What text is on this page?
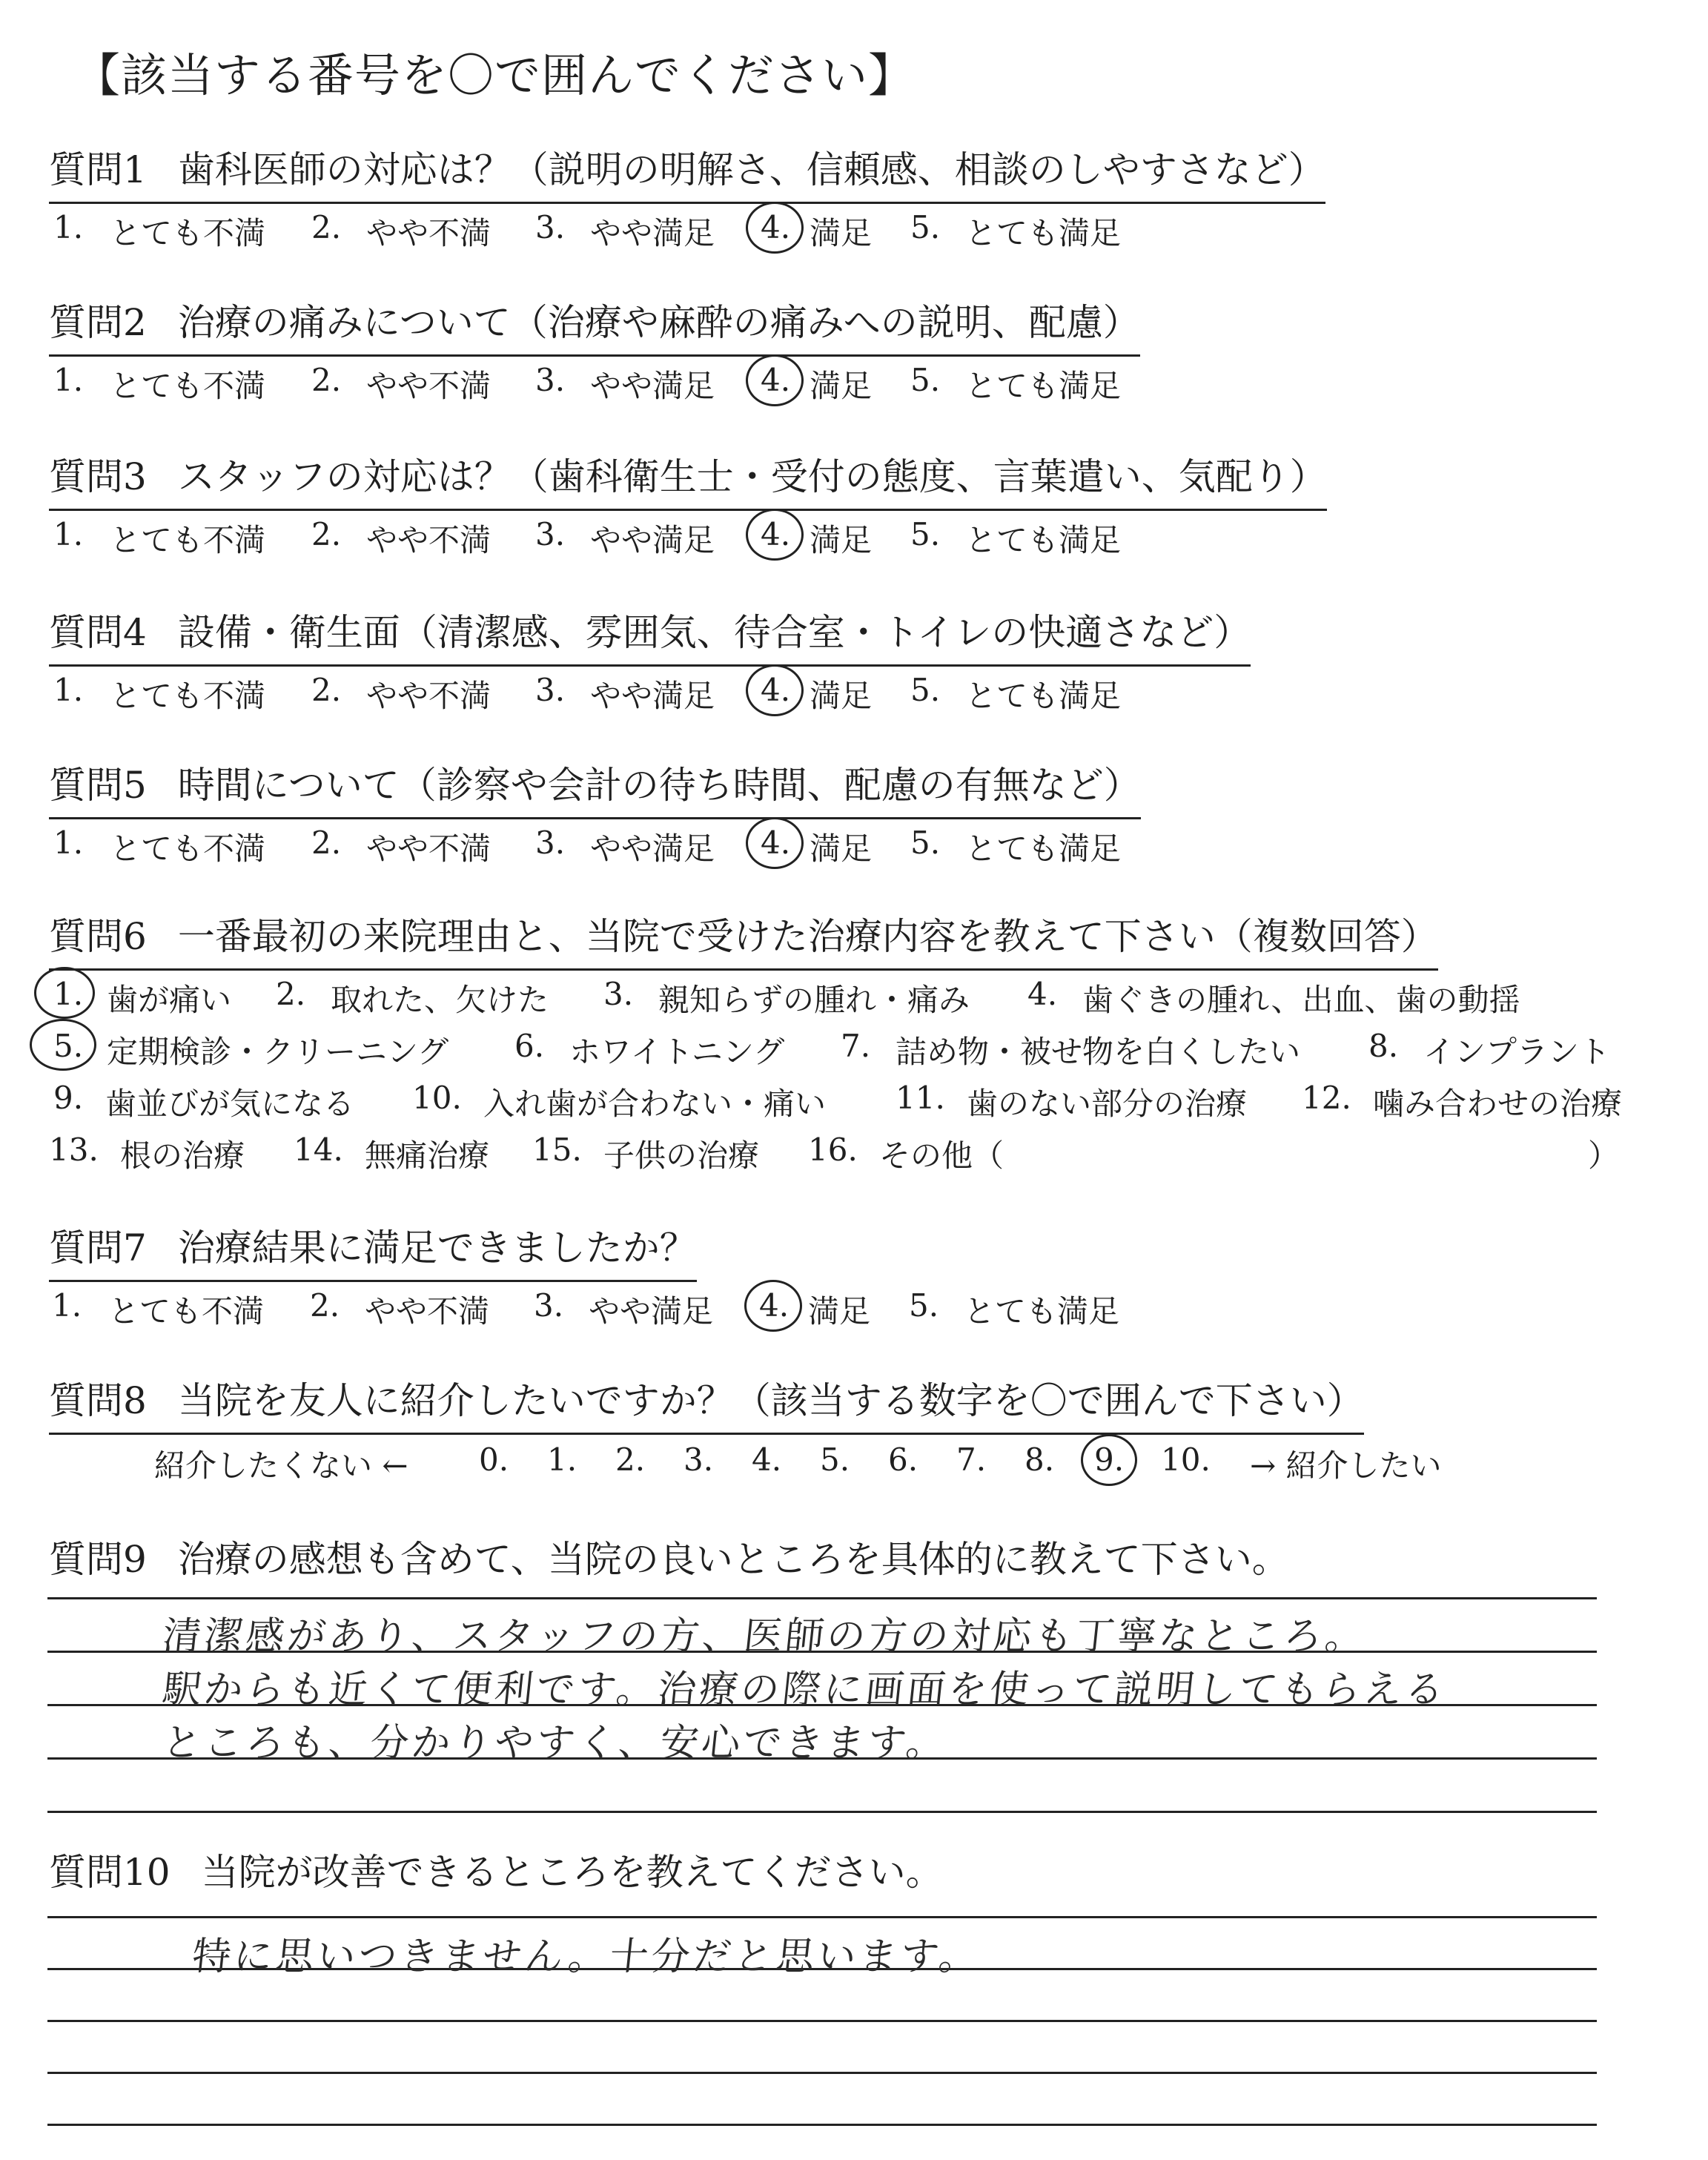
【該当する番号を〇で囲んでください】
質問1 歯科医師の対応は？（説明の明解さ、信頼感、相談のしやすさなど）
1. とても不満 2. やや不満 3. やや満足 4. 満足 5. とても満足
質問2 治療の痛みについて（治療や麻酔の痛みへの説明、配慮）
1. とても不満 2. やや不満 3. やや満足 4. 満足 5. とても満足
質問3 スタッフの対応は？（歯科衛生士・受付の態度、言葉遣い、気配り）
1. とても不満 2. やや不満 3. やや満足 4. 満足 5. とても満足
質問4 設備・衛生面（清潔感、雰囲気、待合室・トイレの快適さなど）
1. とても不満 2. やや不満 3. やや満足 4. 満足 5. とても満足
質問5 時間について（診察や会計の待ち時間、配慮の有無など）
1. とても不満 2. やや不満 3. やや満足 4. 満足 5. とても満足
質問6 一番最初の来院理由と、当院で受けた治療内容を教えて下さい（複数回答）
1. 歯が痛い 2. 取れた、欠けた 3. 親知らずの腫れ・痛み 4. 歯ぐきの腫れ、出血、歯の動揺
5. 定期検診・クリーニング 6. ホワイトニング 7. 詰め物・被せ物を白くしたい 8. インプラント
9. 歯並びが気になる 10. 入れ歯が合わない・痛い 11. 歯のない部分の治療 12. 噛み合わせの治療
13. 根の治療 14. 無痛治療 15. 子供の治療 16. その他（	）
質問7 治療結果に満足できましたか？
1. とても不満 2. やや不満 3. やや満足 4. 満足 5. とても満足
質問8 当院を友人に紹介したいですか？（該当する数字を〇で囲んで下さい）
紹介したくない ← 0. 1. 2. 3. 4. 5. 6. 7. 8. 9. 10. → 紹介したい
質問9 治療の感想も含めて、当院の良いところを具体的に教えて下さい。
清潔感があり、スタッフの方、医師の方の対応も丁寧なところ。
駅からも近くて便利です。治療の際に画面を使って説明してもらえる
ところも、分かりやすく、安心できます。
質問10 当院が改善できるところを教えてください。
特に思いつきません。十分だと思います。
